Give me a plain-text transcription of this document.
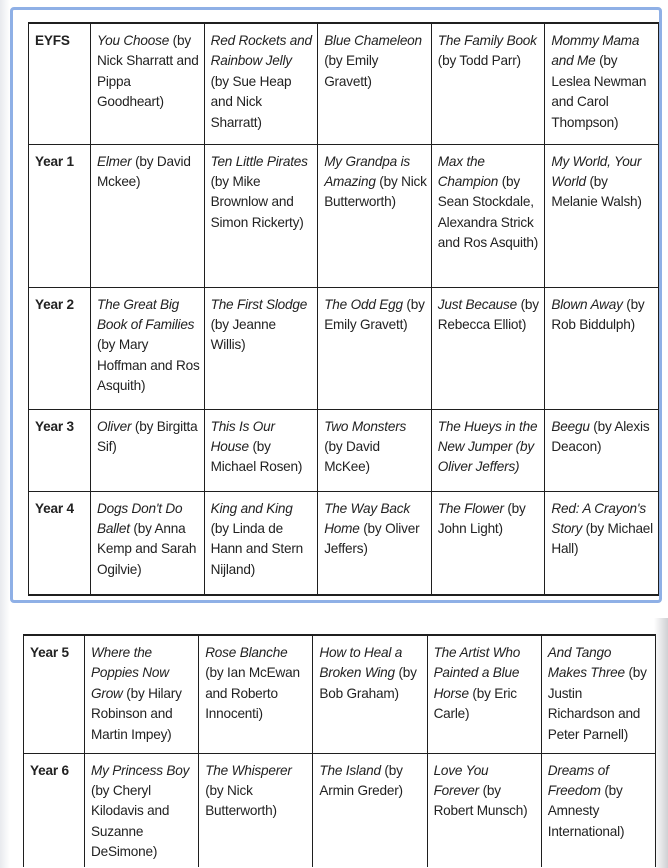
EYFS	You Choose (by Nick Sharratt and Pippa Goodheart)	Red Rockets and Rainbow Jelly (by Sue Heap and Nick Sharratt)	Blue Chameleon (by Emily Gravett)	The Family Book (by Todd Parr)	Mommy Mama and Me (by Leslea Newman and Carol Thompson)
Year 1	Elmer (by David Mckee)	Ten Little Pirates (by Mike Brownlow and Simon Rickerty)	My Grandpa is Amazing (by Nick Butterworth)	Max the Champion (by Sean Stockdale, Alexandra Strick and Ros Asquith)	My World, Your World (by Melanie Walsh)
Year 2	The Great Big Book of Families (by Mary Hoffman and Ros Asquith)	The First Slodge (by Jeanne Willis)	The Odd Egg (by Emily Gravett)	Just Because (by Rebecca Elliot)	Blown Away (by Rob Biddulph)
Year 3	Oliver (by Birgitta Sif)	This Is Our House (by Michael Rosen)	Two Monsters (by David McKee)	The Hueys in the New Jumper (by Oliver Jeffers)	Beegu (by Alexis Deacon)
Year 4	Dogs Don't Do Ballet (by Anna Kemp and Sarah Ogilvie)	King and King (by Linda de Hann and Stern Nijland)	The Way Back Home (by Oliver Jeffers)	The Flower (by John Light)	Red: A Crayon's Story (by Michael Hall)
Year 5	Where the Poppies Now Grow (by Hilary Robinson and Martin Impey)	Rose Blanche (by Ian McEwan and Roberto Innocenti)	How to Heal a Broken Wing (by Bob Graham)	The Artist Who Painted a Blue Horse (by Eric Carle)	And Tango Makes Three (by Justin Richardson and Peter Parnell)
Year 6	My Princess Boy (by Cheryl Kilodavis and Suzanne DeSimone)	The Whisperer (by Nick Butterworth)	The Island (by Armin Greder)	Love You Forever (by Robert Munsch)	Dreams of Freedom (by Amnesty International)
